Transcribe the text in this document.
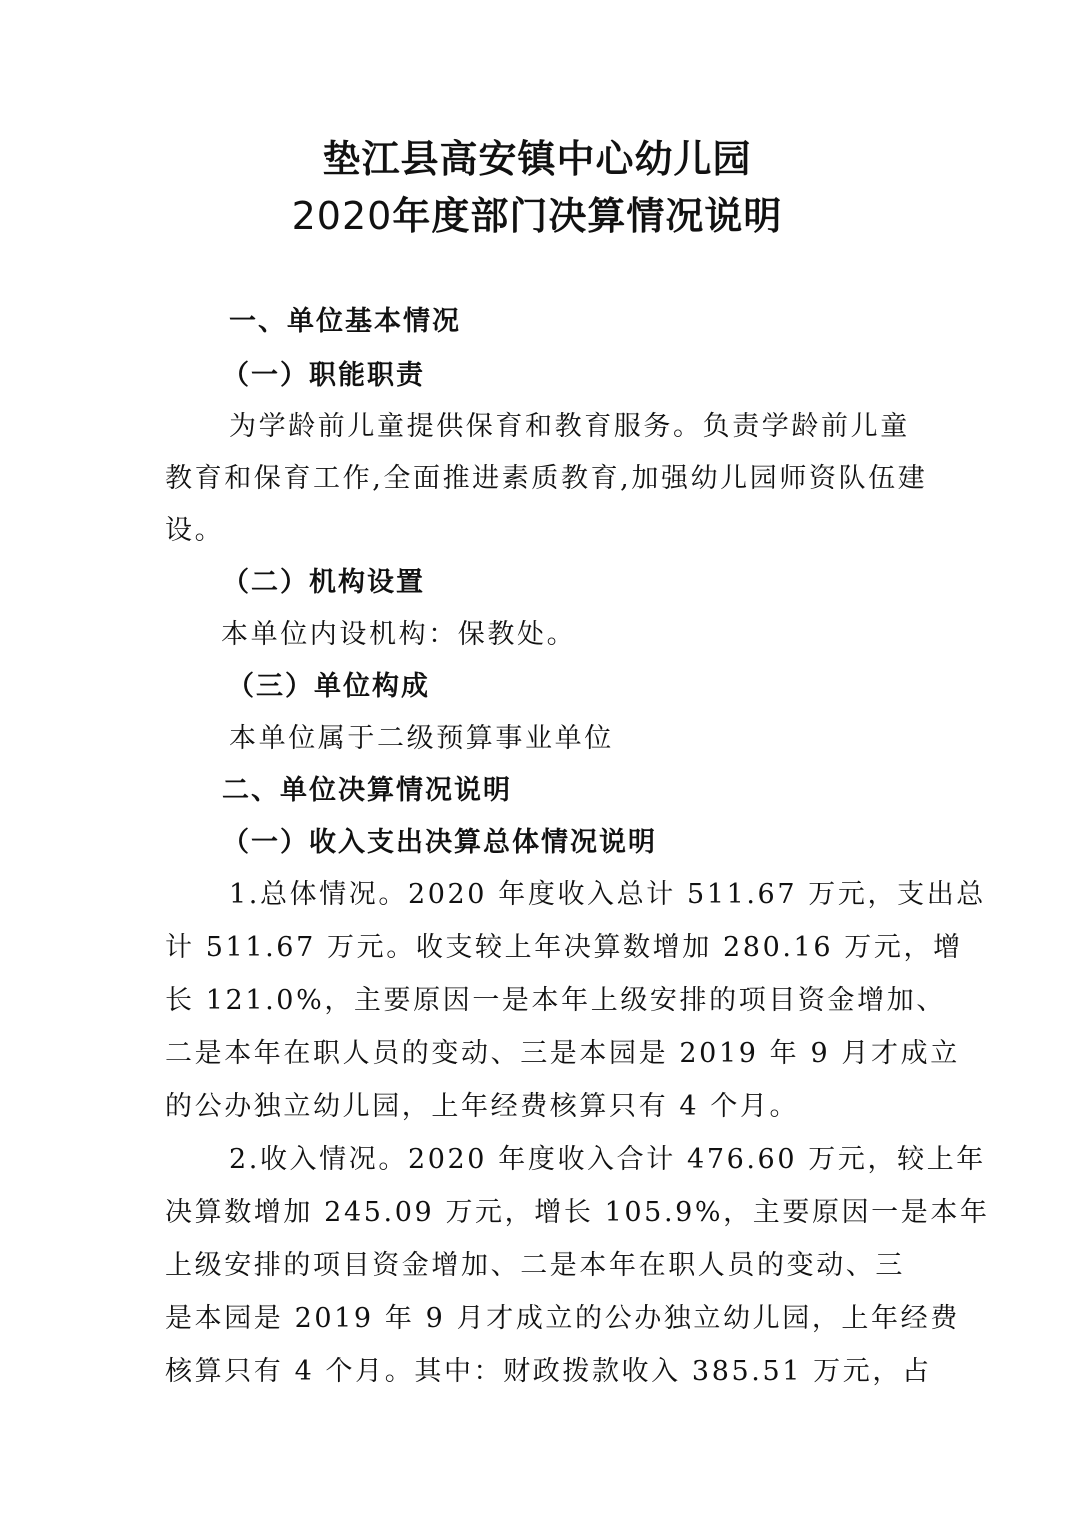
垫江县高安镇中心幼儿园
2020年度部门决算情况说明
一、单位基本情况
（一）职能职责
为学龄前儿童提供保育和教育服务。负责学龄前儿童
教育和保育工作,全面推进素质教育,加强幼儿园师资队伍建
设。
（二）机构设置
本单位内设机构：保教处。
（三）单位构成
本单位属于二级预算事业单位
二、单位决算情况说明
（一）收入支出决算总体情况说明
1.总体情况。2020 年度收入总计 511.67 万元，支出总
计 511.67 万元。收支较上年决算数增加 280.16 万元，增
长 121.0%，主要原因一是本年上级安排的项目资金增加、
二是本年在职人员的变动、三是本园是 2019 年 9 月才成立
的公办独立幼儿园，上年经费核算只有 4 个月。
2.收入情况。2020 年度收入合计 476.60 万元，较上年
决算数增加 245.09 万元，增长 105.9%，主要原因一是本年
上级安排的项目资金增加、二是本年在职人员的变动、三
是本园是 2019 年 9 月才成立的公办独立幼儿园，上年经费
核算只有 4 个月。其中：财政拨款收入 385.51 万元，占
